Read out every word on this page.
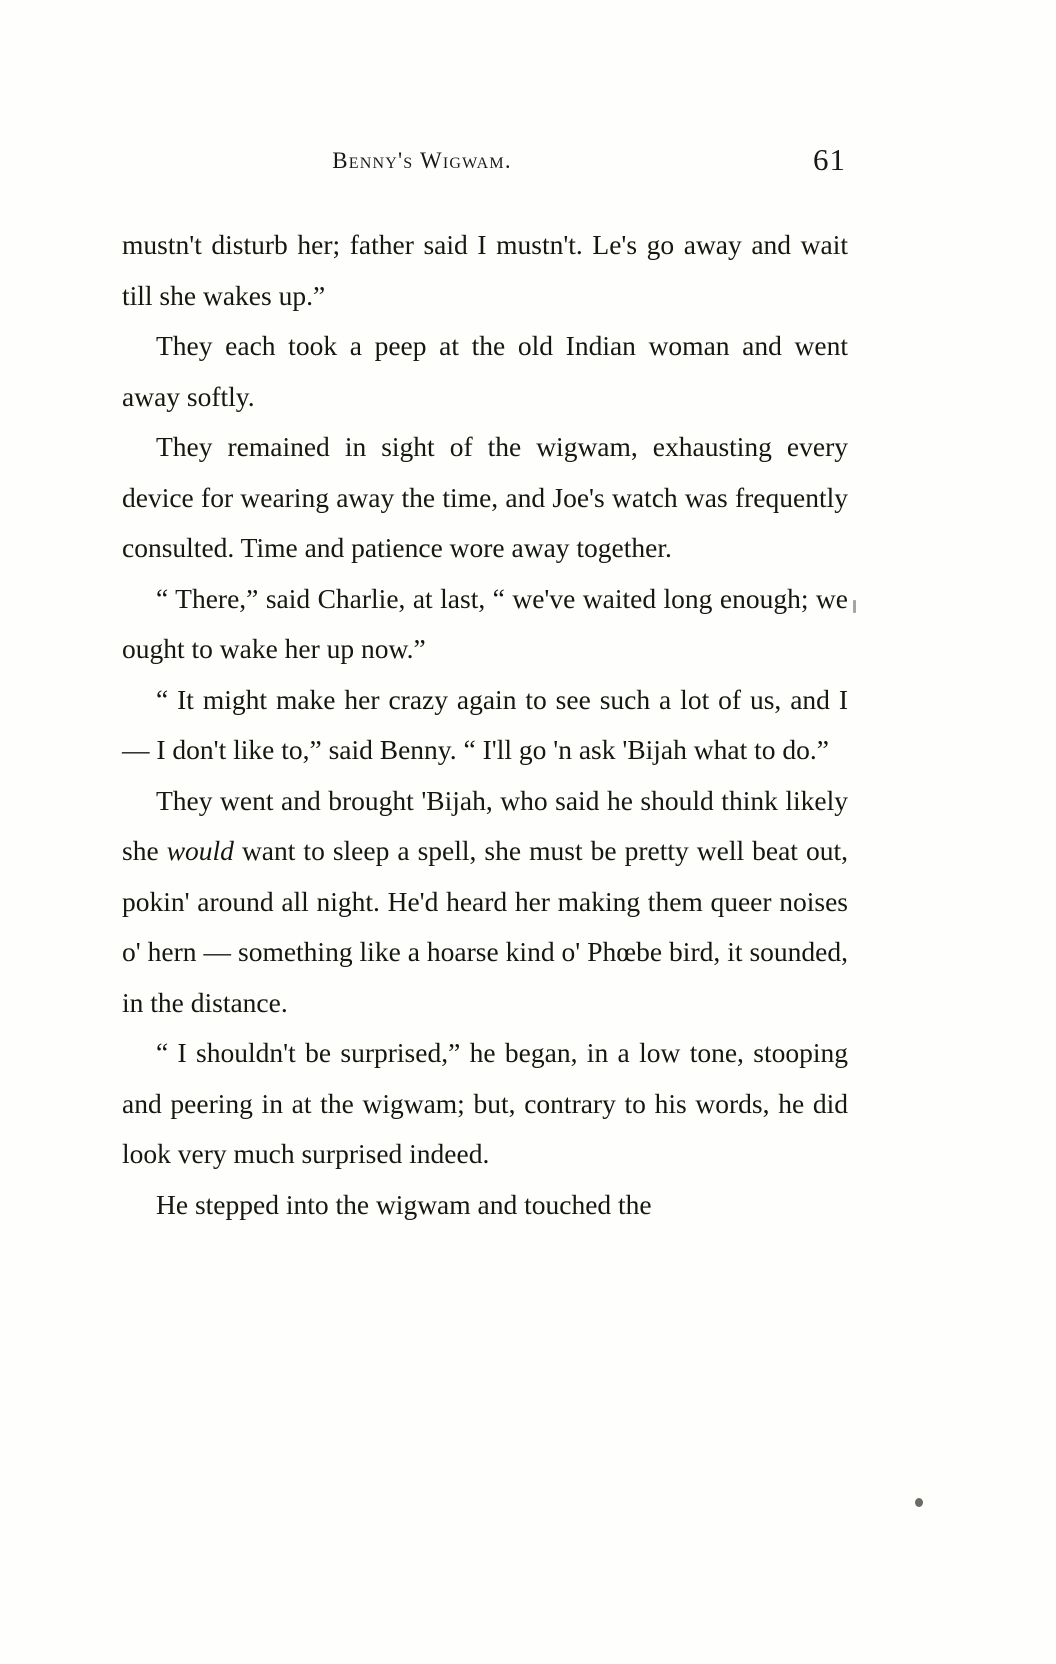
Benny's Wigwam.	61

mustn't disturb her; father said I mustn't. Le's go away and wait till she wakes up.”

They each took a peep at the old Indian woman and went away softly.

They remained in sight of the wigwam, exhausting every device for wearing away the time, and Joe's watch was frequently consulted. Time and patience wore away together.

“ There,” said Charlie, at last, “ we've waited long enough; we ought to wake her up now.”

“ It might make her crazy again to see such a lot of us, and I — I don't like to,” said Benny. “ I'll go 'n ask 'Bijah what to do.”

They went and brought 'Bijah, who said he should think likely she would want to sleep a spell, she must be pretty well beat out, pokin' around all night. He'd heard her making them queer noises o' hern — something like a hoarse kind o' Phœbe bird, it sounded, in the distance.

“ I shouldn't be surprised,” he began, in a low tone, stooping and peering in at the wigwam; but, contrary to his words, he did look very much surprised indeed.

He stepped into the wigwam and touched the
